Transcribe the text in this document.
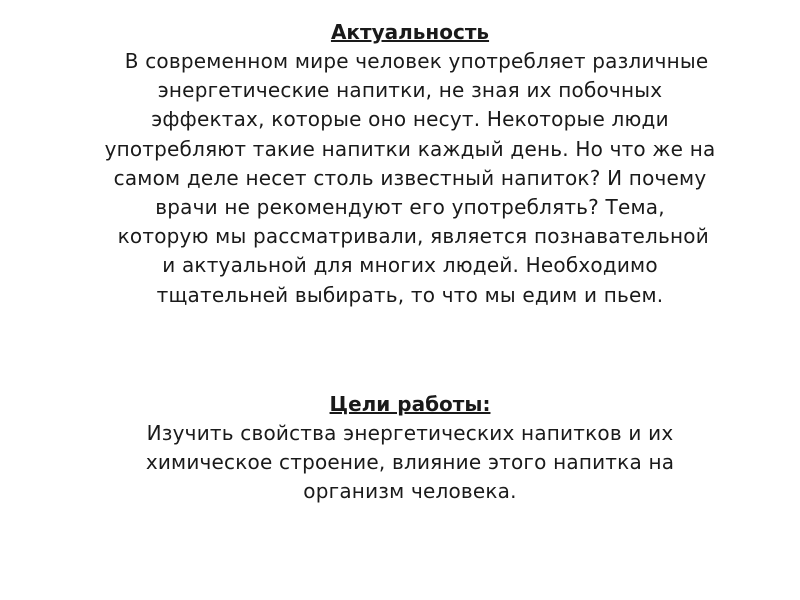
Актуальность
В современном мире человек употребляет различные
энергетические напитки, не зная их побочных
эффектах, которые оно несут. Некоторые люди
употребляют такие напитки каждый день. Но что же на
самом деле несет столь известный напиток? И почему
врачи не рекомендуют его употреблять? Тема,
которую мы рассматривали, является познавательной
и актуальной для многих людей. Необходимо
тщательней выбирать, то что мы едим и пьем.
Цели работы:
Изучить свойства энергетических напитков и их
химическое строение, влияние этого напитка на
организм человека.
